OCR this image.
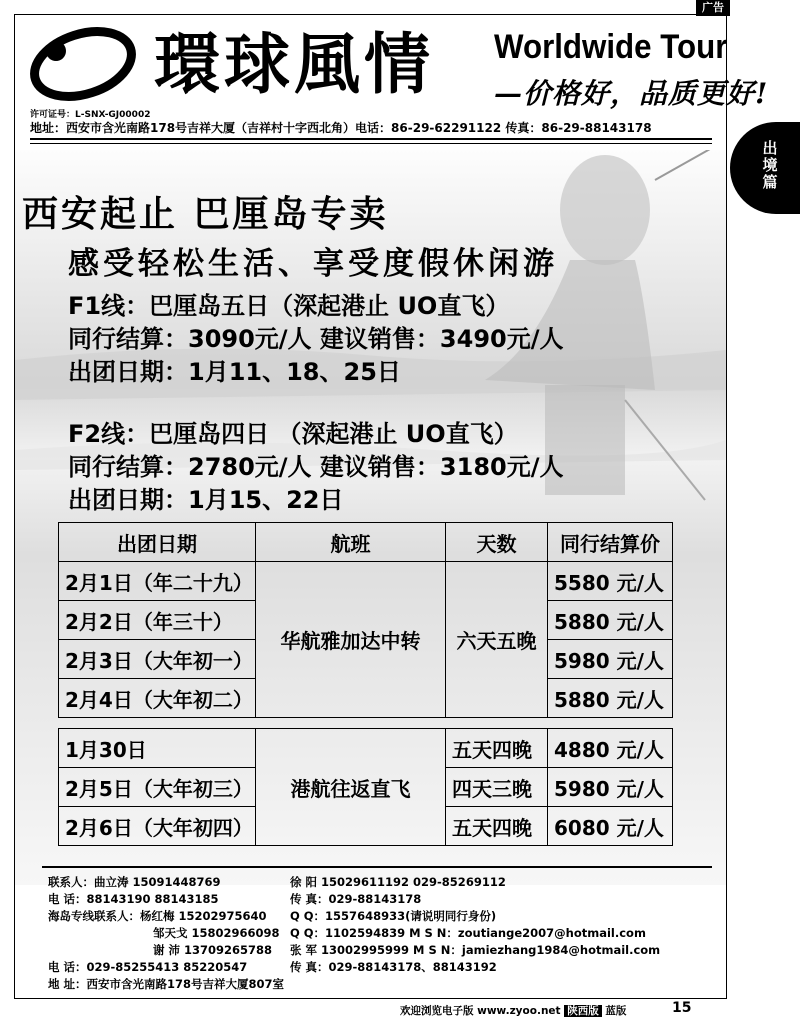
广告
出境篇
環球風情 Worldwide Tour
—价格好，品质更好!
许可证号：L-SNX-GJ00002
地址：西安市含光南路178号吉祥大厦（吉祥村十字西北角）电话：86-29-62291122 传真：86-29-88143178
西安起止 巴厘岛专卖
感受轻松生活、享受度假休闲游
F1线：巴厘岛五日（深起港止 UO直飞）
同行结算：3090元/人 建议销售：3490元/人
出团日期：1月11、18、25日
F2线：巴厘岛四日 （深起港止 UO直飞）
同行结算：2780元/人 建议销售：3180元/人
出团日期：1月15、22日
出团日期	航班	天数	同行结算价
2月1日（年二十九）	华航雅加达中转	六天五晚	5580 元/人
2月2日（年三十）			5880 元/人
2月3日（大年初一）			5980 元/人
2月4日（大年初二）			5880 元/人

1月30日	港航往返直飞	五天四晚	4880 元/人
2月5日（大年初三）		四天三晚	5980 元/人
2月6日（大年初四）		五天四晚	6080 元/人
联系人：曲立涛 15091448769	徐 阳 15029611192 029-85269112
电 话：88143190 88143185	传 真：029-88143178
海岛专线联系人：杨红梅 15202975640 Q Q：1557648933(请说明同行身份)
邹天戈 15802966098 Q Q：1102594839 M S N：zoutiange2007@hotmail.com
谢 沛 13709265788 张 军 13002995999 M S N：jamiezhang1984@hotmail.com
电 话：029-85255413 85220547	传 真：029-88143178、88143192
地 址：西安市含光南路178号吉祥大厦807室
欢迎浏览电子版 www.zyoo.net 陕西版 蓝版	15
